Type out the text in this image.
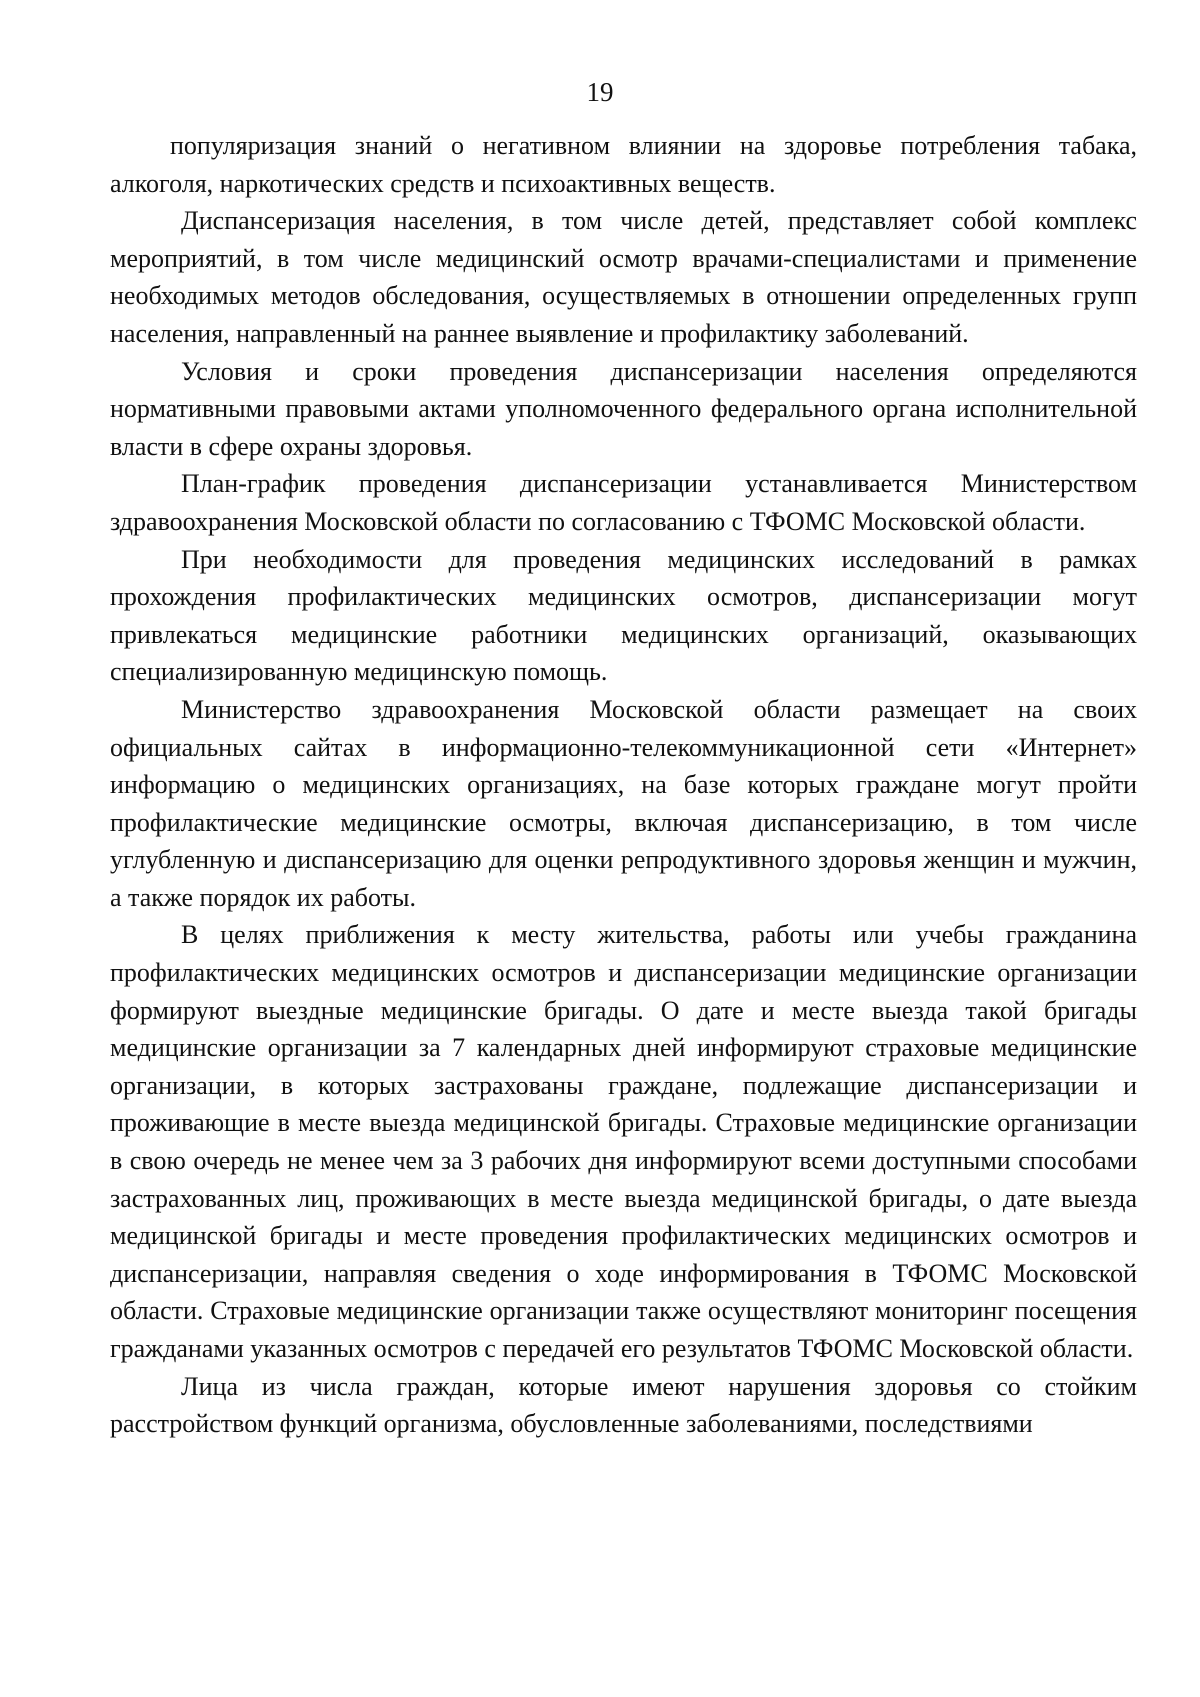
19

популяризация знаний о негативном влиянии на здоровье потребления табака, алкоголя, наркотических средств и психоактивных веществ.

Диспансеризация населения, в том числе детей, представляет собой комплекс мероприятий, в том числе медицинский осмотр врачами-специалистами и применение необходимых методов обследования, осуществляемых в отношении определенных групп населения, направленный на раннее выявление и профилактику заболеваний.

Условия и сроки проведения диспансеризации населения определяются нормативными правовыми актами уполномоченного федерального органа исполнительной власти в сфере охраны здоровья.

План-график проведения диспансеризации устанавливается Министерством здравоохранения Московской области по согласованию с ТФОМС Московской области.

При необходимости для проведения медицинских исследований в рамках прохождения профилактических медицинских осмотров, диспансеризации могут привлекаться медицинские работники медицинских организаций, оказывающих специализированную медицинскую помощь.

Министерство здравоохранения Московской области размещает на своих официальных сайтах в информационно-телекоммуникационной сети «Интернет» информацию о медицинских организациях, на базе которых граждане могут пройти профилактические медицинские осмотры, включая диспансеризацию, в том числе углубленную и диспансеризацию для оценки репродуктивного здоровья женщин и мужчин, а также порядок их работы.

В целях приближения к месту жительства, работы или учебы гражданина профилактических медицинских осмотров и диспансеризации медицинские организации формируют выездные медицинские бригады. О дате и месте выезда такой бригады медицинские организации за 7 календарных дней информируют страховые медицинские организации, в которых застрахованы граждане, подлежащие диспансеризации и проживающие в месте выезда медицинской бригады. Страховые медицинские организации в свою очередь не менее чем за 3 рабочих дня информируют всеми доступными способами застрахованных лиц, проживающих в месте выезда медицинской бригады, о дате выезда медицинской бригады и месте проведения профилактических медицинских осмотров и диспансеризации, направляя сведения о ходе информирования в ТФОМС Московской области. Страховые медицинские организации также осуществляют мониторинг посещения гражданами указанных осмотров с передачей его результатов ТФОМС Московской области.

Лица из числа граждан, которые имеют нарушения здоровья со стойким расстройством функций организма, обусловленные заболеваниями, последствиями
